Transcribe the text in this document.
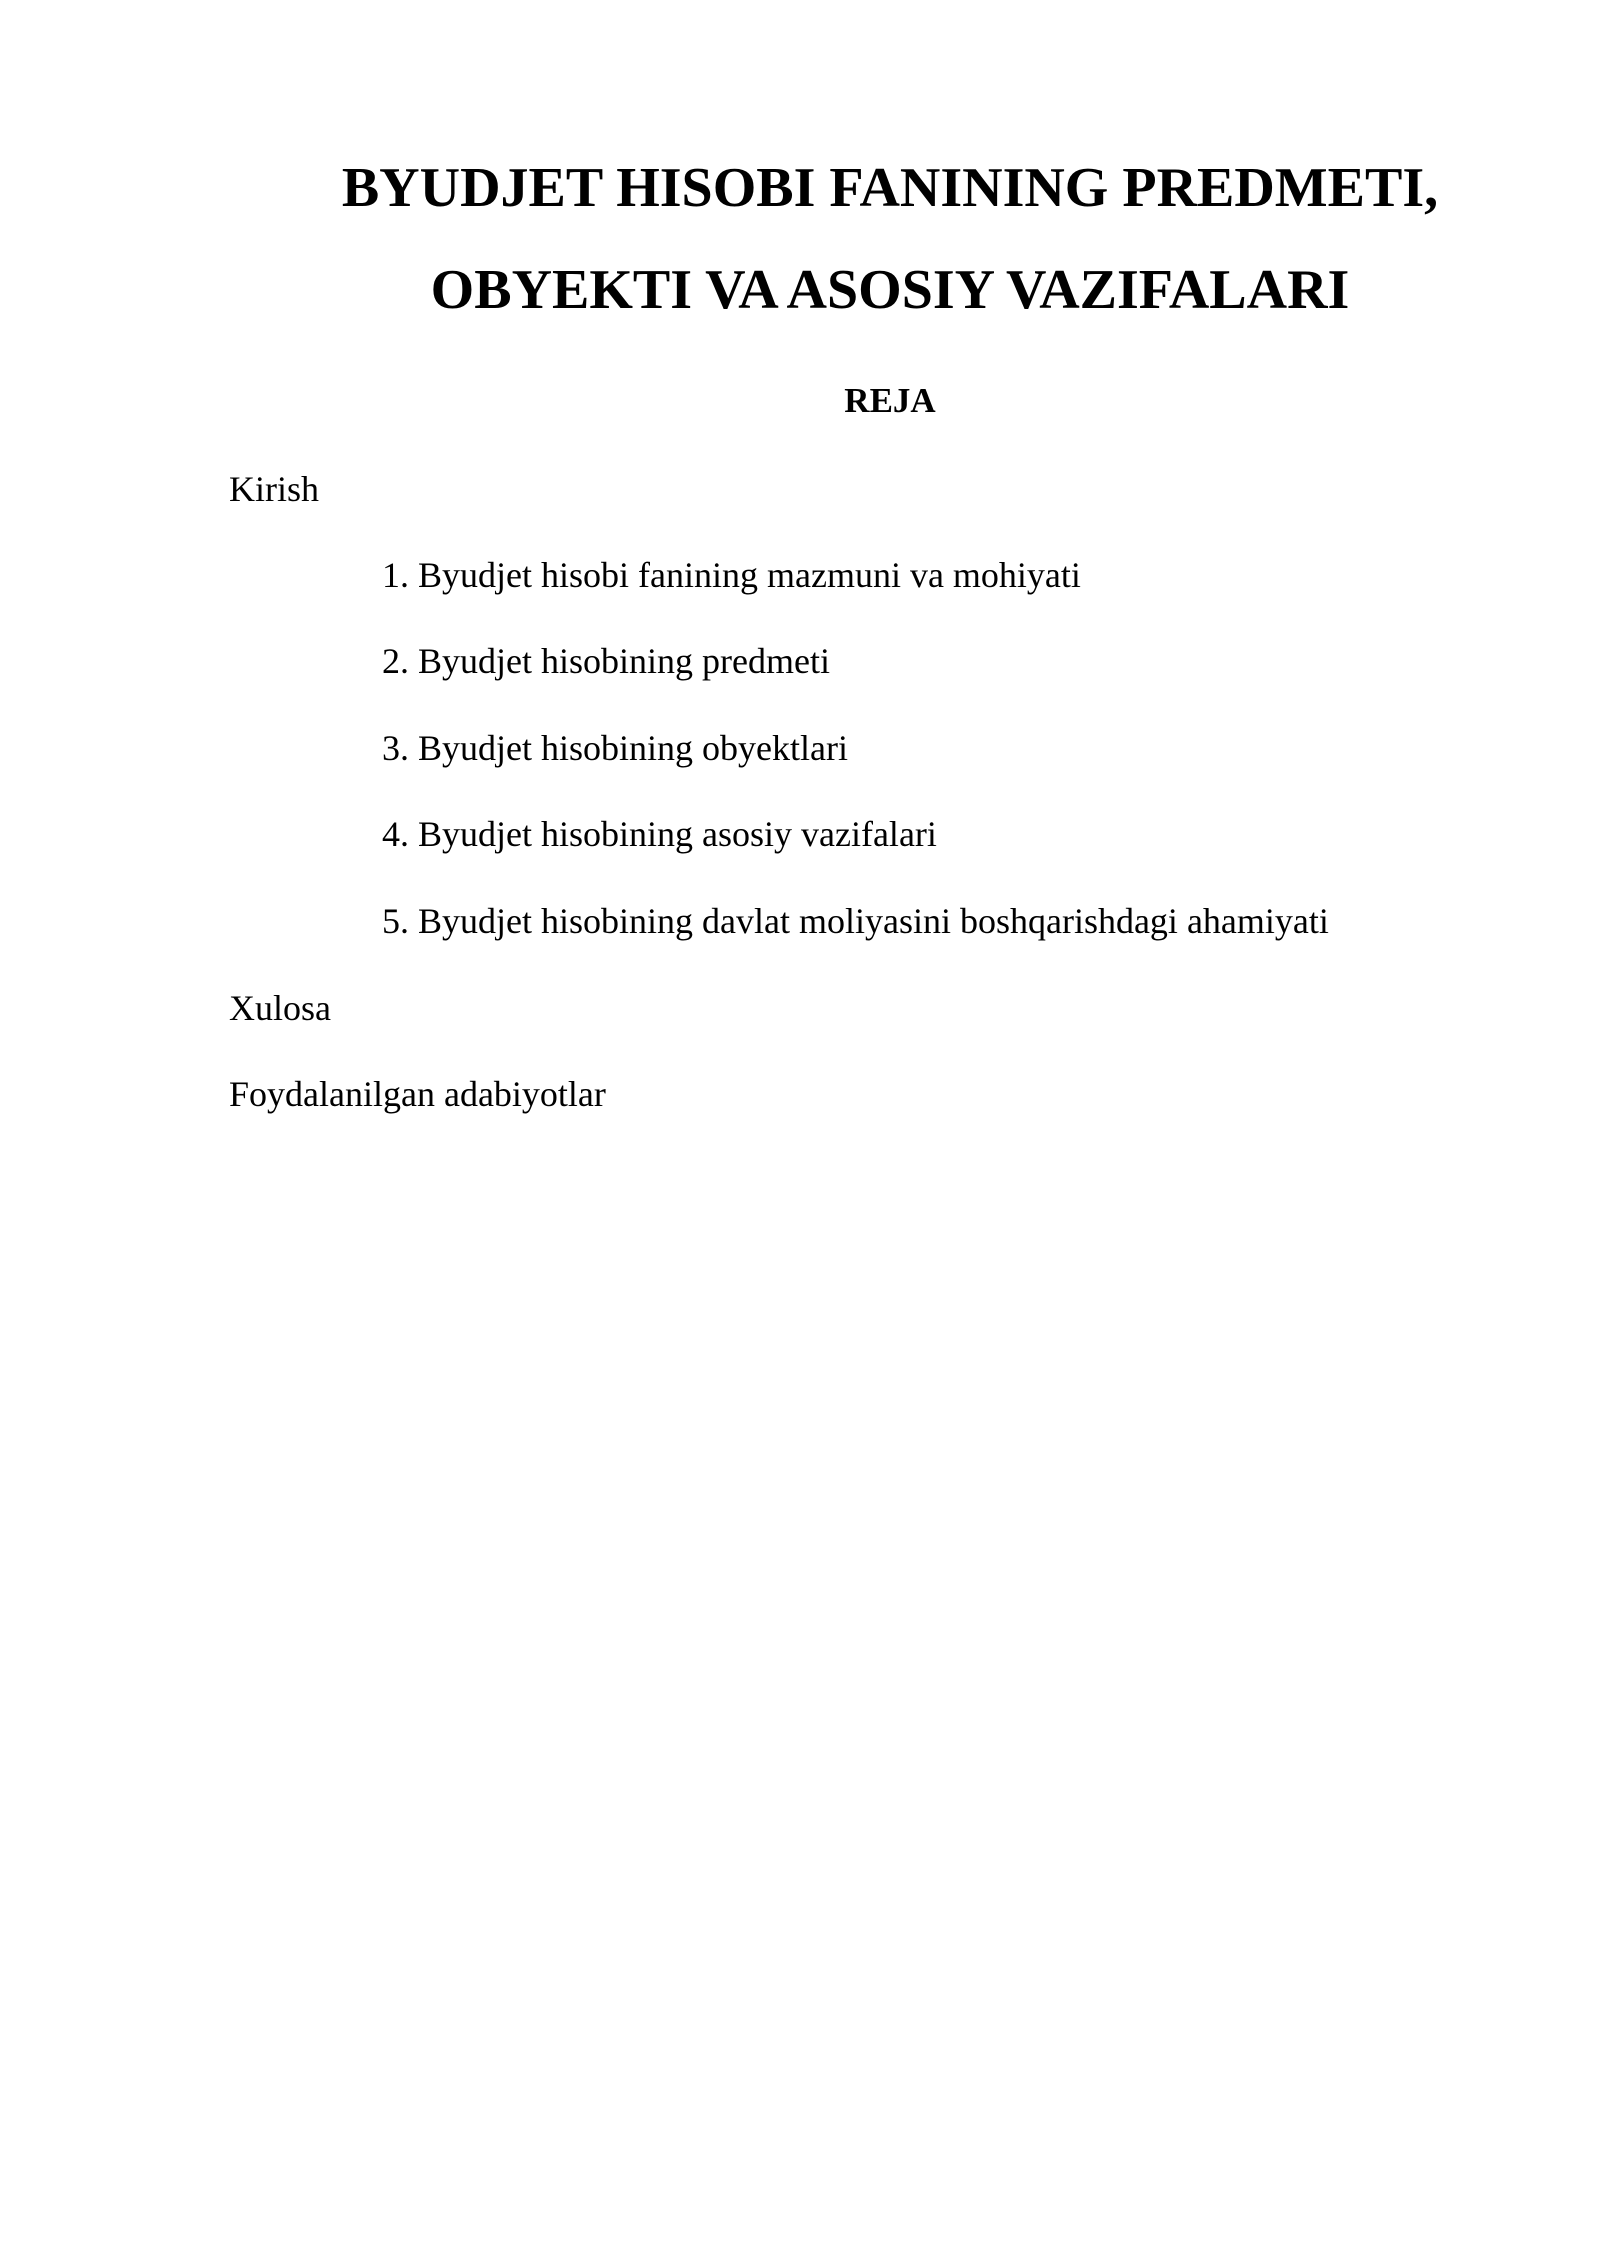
BYUDJET HISOBI FANINING PREDMETI,
OBYEKTI VA ASOSIY VAZIFALARI
REJA

Kirish

1. Byudjet hisobi fanining mazmuni va mohiyati

2. Byudjet hisobining predmeti

3. Byudjet hisobining obyektlari

4. Byudjet hisobining asosiy vazifalari

5. Byudjet hisobining davlat moliyasini boshqarishdagi ahamiyati

Xulosa

Foydalanilgan adabiyotlar
